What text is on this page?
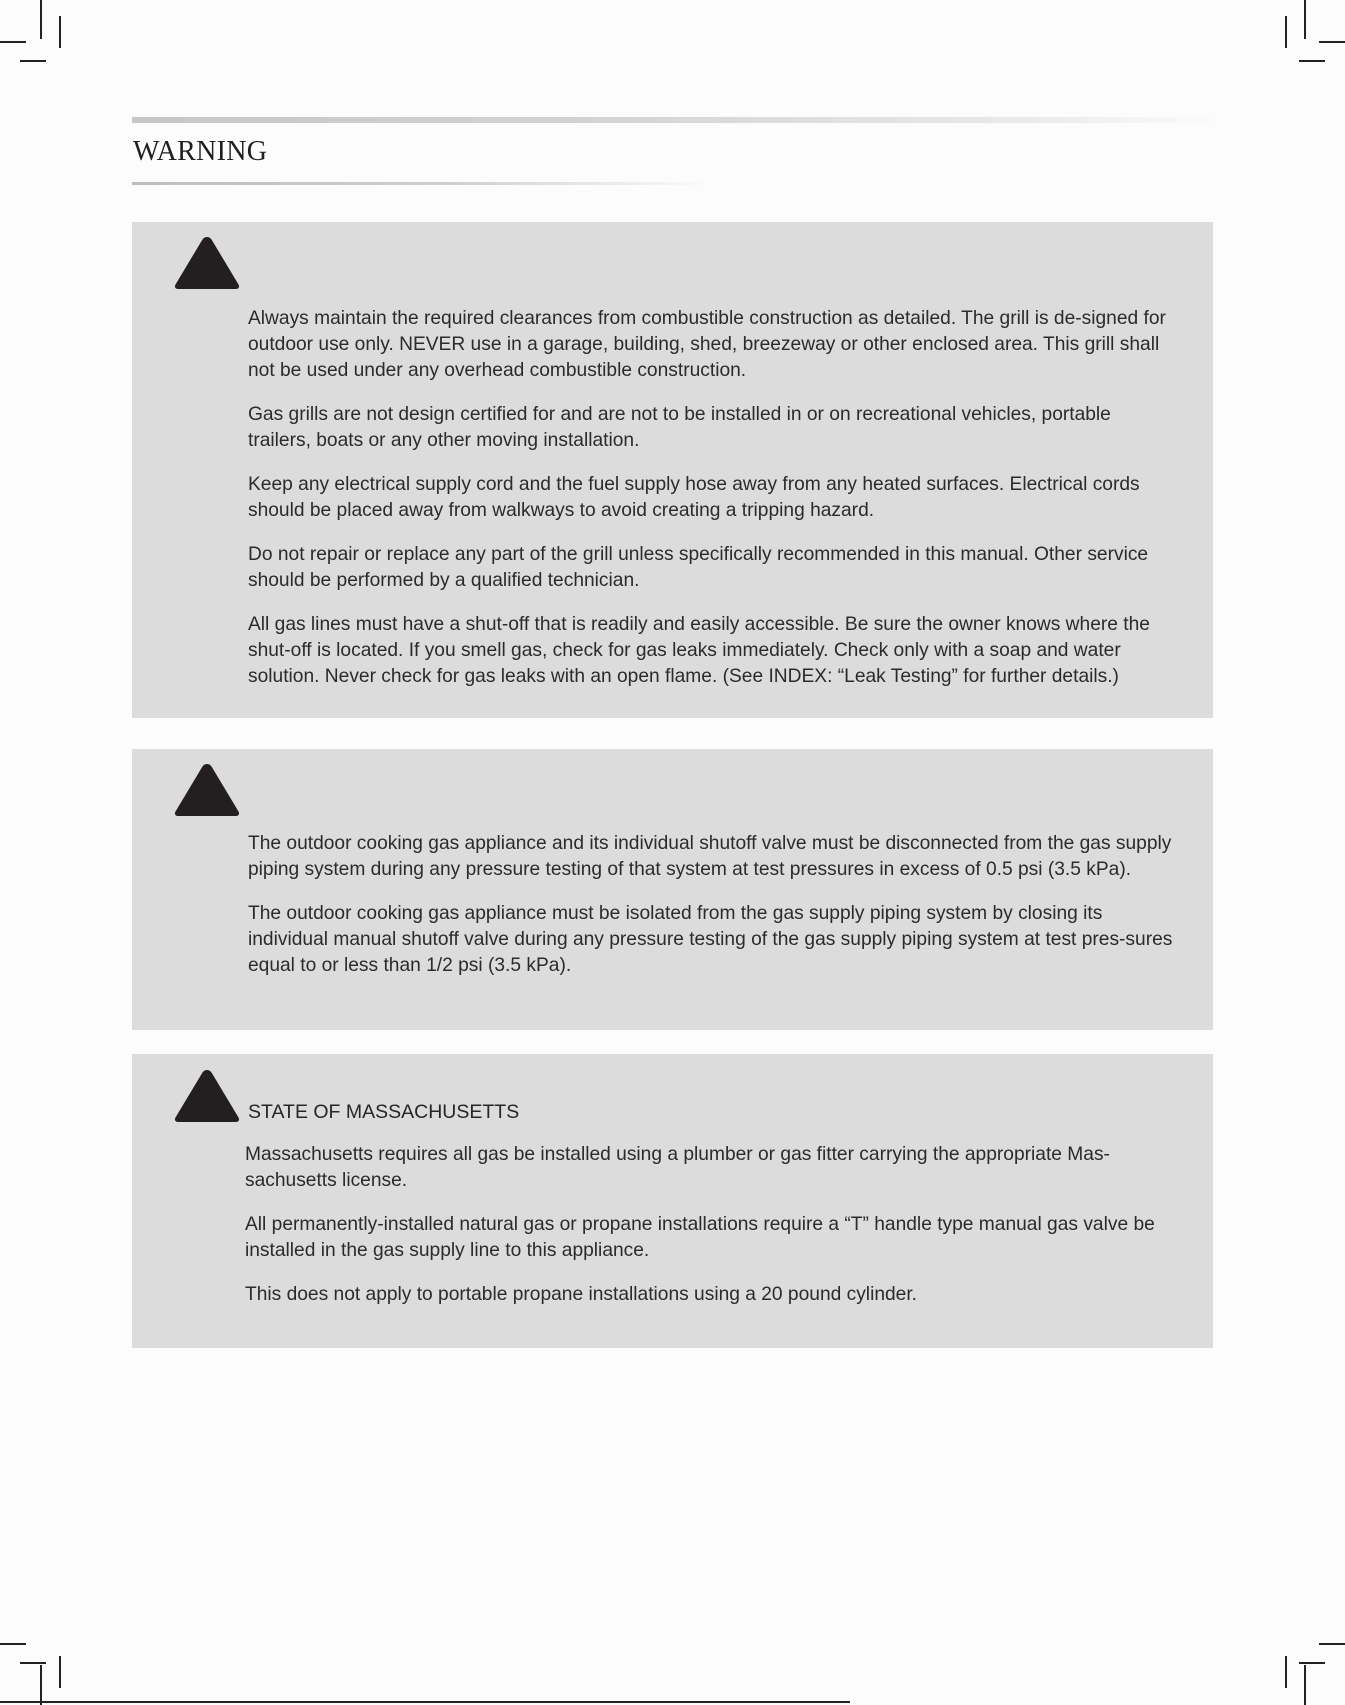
WARNING

Always maintain the required clearances from combustible construction as detailed. The grill is de-signed for outdoor use only. NEVER use in a garage, building, shed, breezeway or other enclosed area. This grill shall not be used under any overhead combustible construction.

Gas grills are not design certified for and are not to be installed in or on recreational vehicles, portable trailers, boats or any other moving installation.

Keep any electrical supply cord and the fuel supply hose away from any heated surfaces. Electrical cords should be placed away from walkways to avoid creating a tripping hazard.

Do not repair or replace any part of the grill unless specifically recommended in this manual. Other service should be performed by a qualified technician.

All gas lines must have a shut-off that is readily and easily accessible. Be sure the owner knows where the shut-off is located. If you smell gas, check for gas leaks immediately. Check only with a soap and water solution. Never check for gas leaks with an open flame. (See INDEX: “Leak Testing” for further details.)

The outdoor cooking gas appliance and its individual shutoff valve must be disconnected from the gas supply piping system during any pressure testing of that system at test pressures in excess of 0.5 psi (3.5 kPa).

The outdoor cooking gas appliance must be isolated from the gas supply piping system by closing its individual manual shutoff valve during any pressure testing of the gas supply piping system at test pres-sures equal to or less than 1/2 psi (3.5 kPa).

STATE OF MASSACHUSETTS

Massachusetts requires all gas be installed using a plumber or gas fitter carrying the appropriate Mas-sachusetts license.

All permanently-installed natural gas or propane installations require a “T” handle type manual gas valve be installed in the gas supply line to this appliance.

This does not apply to portable propane installations using a 20 pound cylinder.
